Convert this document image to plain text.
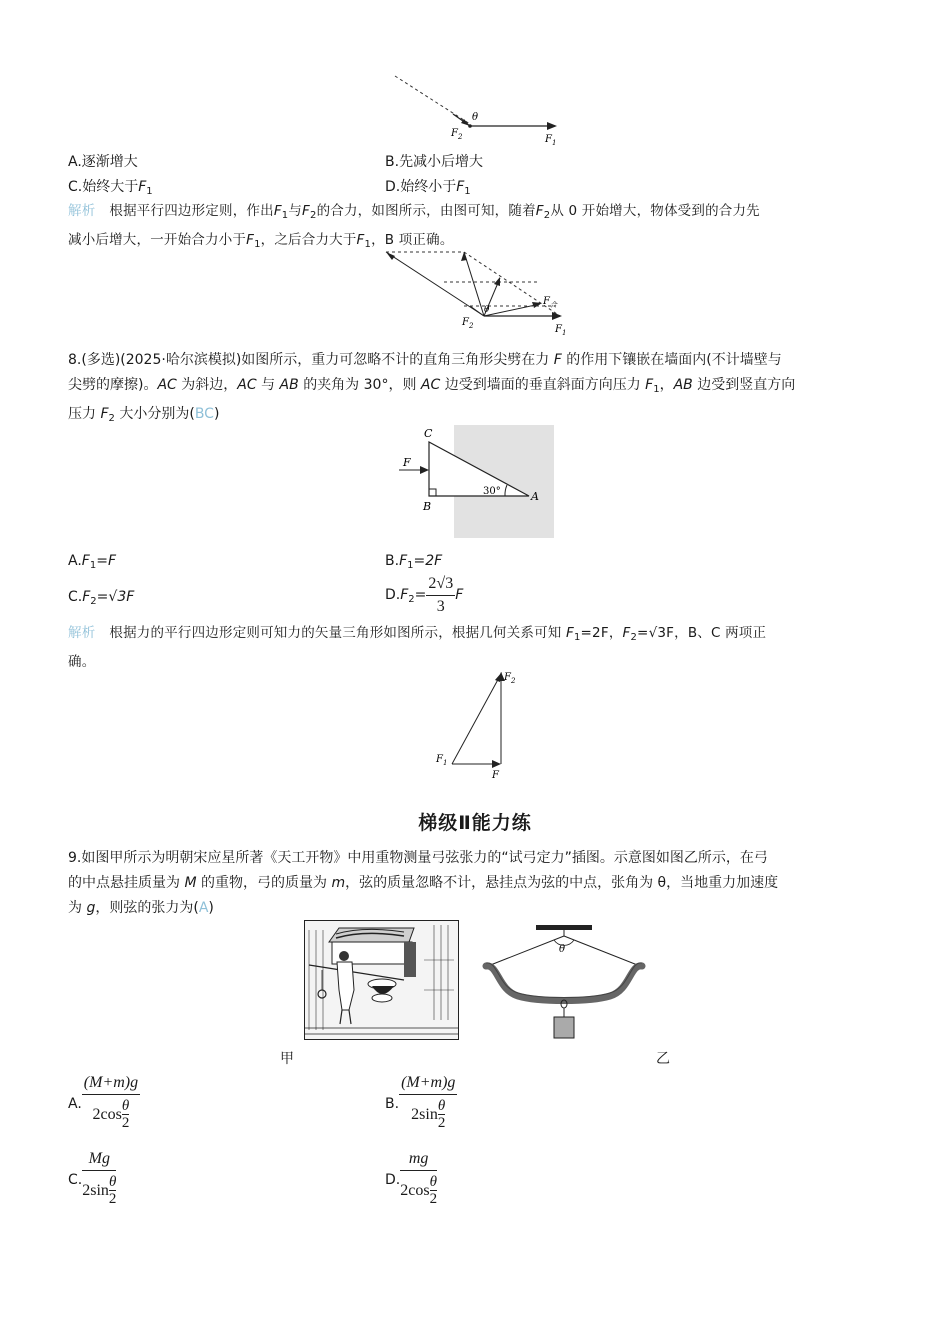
θ
$F_2$	$F_1$
A.逐渐增大	B.先减小后增大
C.始终大于$F_1$	D.始终小于$F_1$
解析 根据平行四边形定则，作出$F_1$与$F_2$的合力，如图所示，由图可知，随着$F_2$从 0 开始增大，物体受到的合力先
减小后增大，一开始合力小于$F_1$，之后合力大于$F_1$，B 项正确。
θ
$F_2$	$F_1$
$F_合$
8.(多选)(2025·哈尔滨模拟)如图所示，重力可忽略不计的直角三角形尖劈在力 F 的作用下镶嵌在墙面内(不计墙壁与
尖劈的摩擦)。AC 为斜边，AC 与 AB 的夹角为 30°，则 AC 边受到墙面的垂直斜面方向压力 $F_1$，AB 边受到竖直方向
压力 $F_2$ 大小分别为(BC)
C
F
B
A
30°
$A.F_1=F$	$B.F_1=2F$
$C.F_2=√3F$	$D.F_2= \frac{2√3}{3}$ F
解析 根据力的平行四边形定则可知力的矢量三角形如图所示，根据几何关系可知 $F_1=2F$，$F_2=√3F$，B、C 两项正
确。
$F_1$
$F_2$
F
梯级Ⅱ能力练
9.如图甲所示为明朝宋应星所著《天工开物》中用重物测量弓弦张力的“试弓定力”插图。示意图如图乙所示，在弓
的中点悬挂质量为 M 的重物，弓的质量为 m，弦的质量忽略不计，悬挂点为弦的中点，张角为 θ，当地重力加速度
为 g，则弦的张力为(A)
θ
甲	乙
A. $\frac{(M+m)g}{2\cos \frac{\theta}{2}}$	B. $\frac{(M+m)g}{2\sin \frac{\theta}{2}}$
C. $\frac{Mg}{2\sin \frac{\theta}{2}}$	D. $\frac{mg}{2\cos \frac{\theta}{2}}$
